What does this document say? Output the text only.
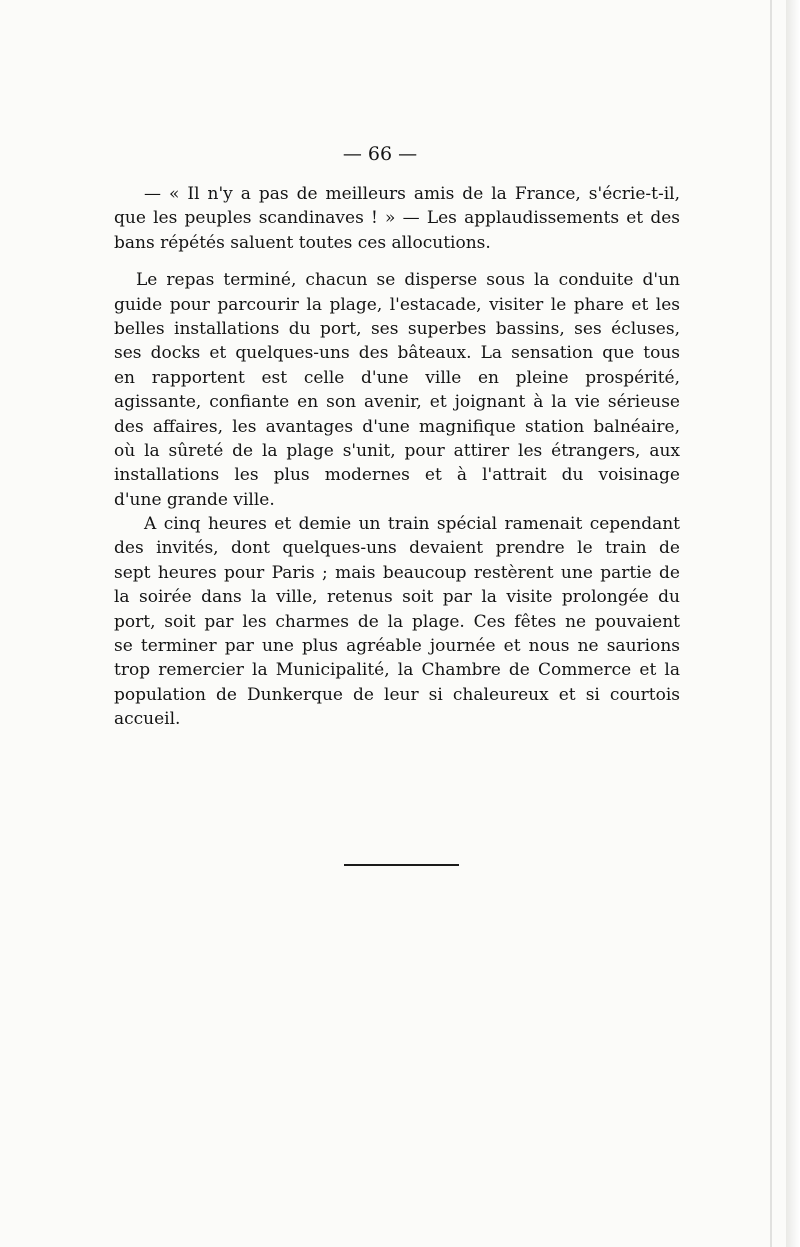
— 66 —
— « Il n'y a pas de meilleurs amis de la France, s'écrie-t-il,
que les peuples scandinaves ! » — Les applaudissements et des
bans répétés saluent toutes ces allocutions.
Le repas terminé, chacun se disperse sous la conduite d'un
guide pour parcourir la plage, l'estacade, visiter le phare et les
belles installations du port, ses superbes bassins, ses écluses,
ses docks et quelques-uns des bâteaux. La sensation que tous
en rapportent est celle d'une ville en pleine prospérité,
agissante, confiante en son avenir, et joignant à la vie sérieuse
des affaires, les avantages d'une magnifique station balnéaire,
où la sûreté de la plage s'unit, pour attirer les étrangers, aux
installations les plus modernes et à l'attrait du voisinage
d'une grande ville.
A cinq heures et demie un train spécial ramenait cependant
des invités, dont quelques-uns devaient prendre le train de
sept heures pour Paris ; mais beaucoup restèrent une partie de
la soirée dans la ville, retenus soit par la visite prolongée du
port, soit par les charmes de la plage. Ces fêtes ne pouvaient
se terminer par une plus agréable journée et nous ne saurions
trop remercier la Municipalité, la Chambre de Commerce et la
population de Dunkerque de leur si chaleureux et si courtois
accueil.
